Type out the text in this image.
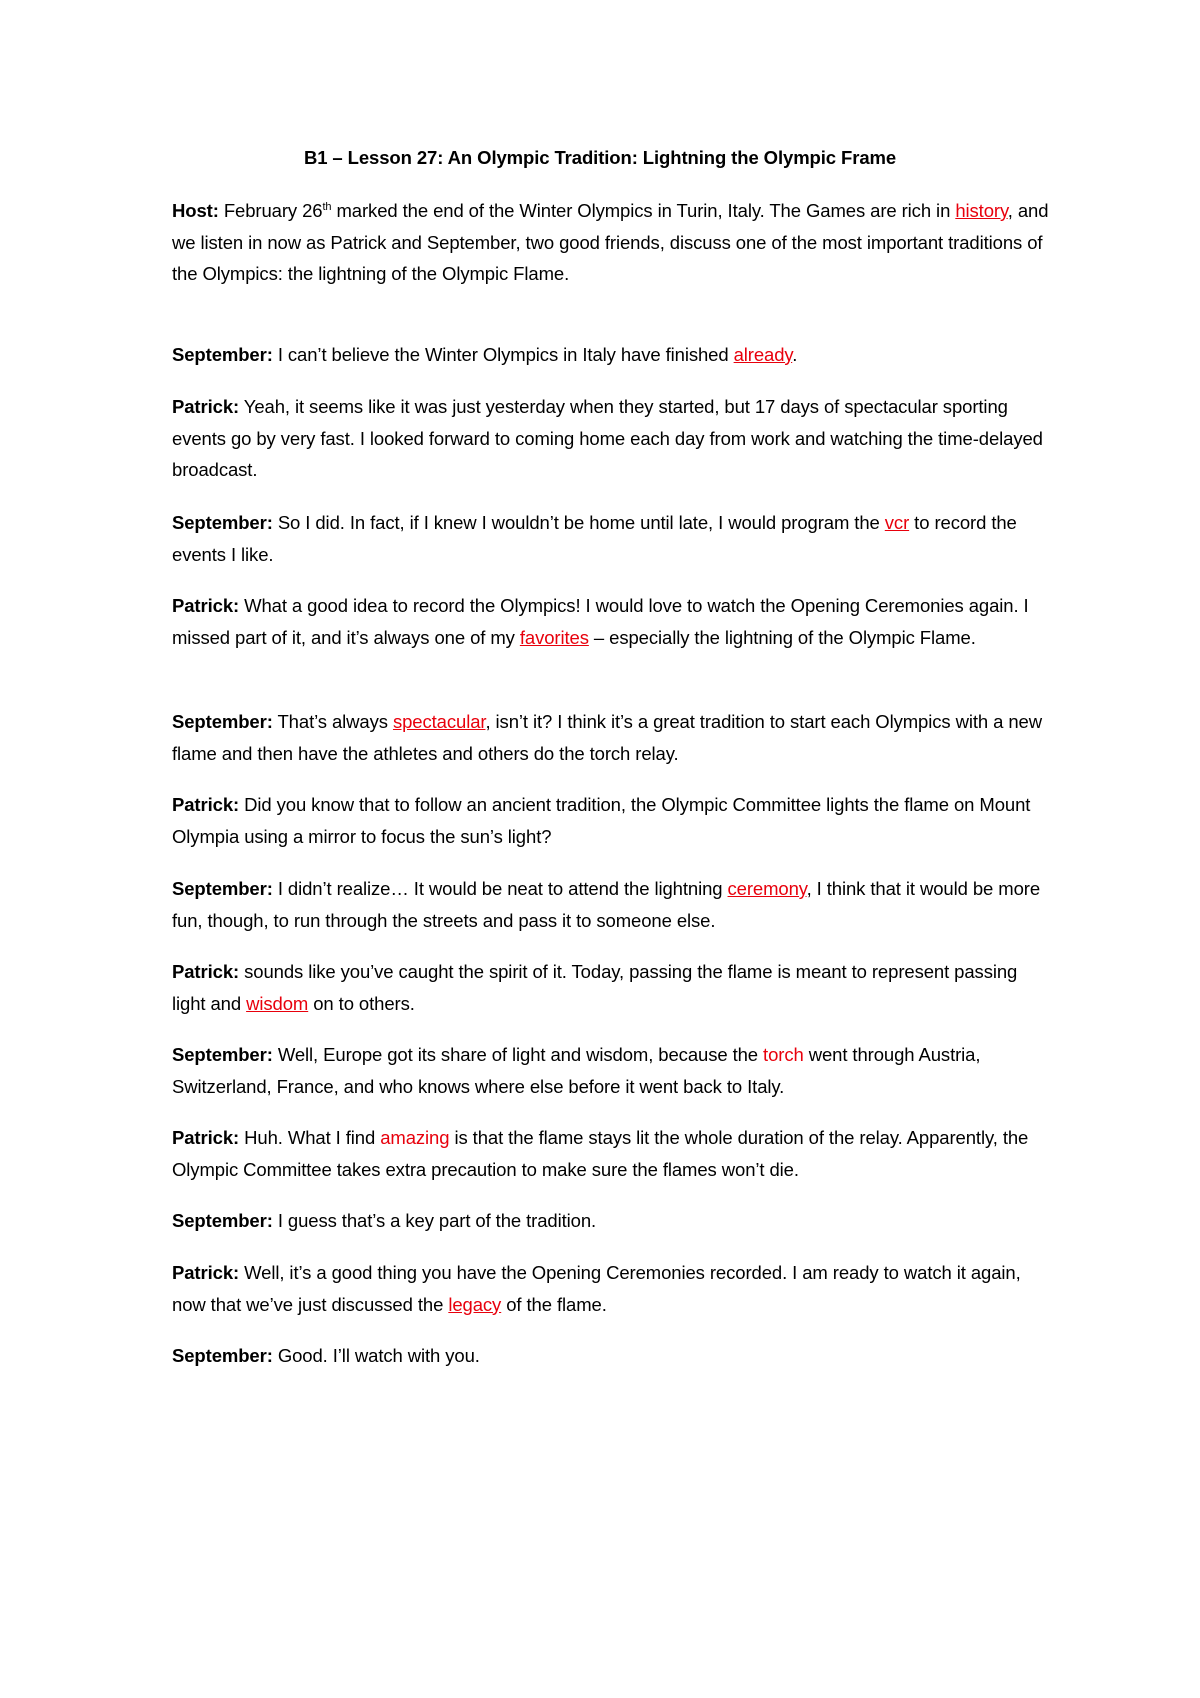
B1 – Lesson 27: An Olympic Tradition: Lightning the Olympic Frame

Host: February 26th marked the end of the Winter Olympics in Turin, Italy. The Games are rich in history, and we listen in now as Patrick and September, two good friends, discuss one of the most important traditions of the Olympics: the lightning of the Olympic Flame.

September: I can’t believe the Winter Olympics in Italy have finished already.

Patrick: Yeah, it seems like it was just yesterday when they started, but 17 days of spectacular sporting events go by very fast. I looked forward to coming home each day from work and watching the time-delayed broadcast.

September: So I did. In fact, if I knew I wouldn’t be home until late, I would program the vcr to record the events I like.

Patrick: What a good idea to record the Olympics! I would love to watch the Opening Ceremonies again. I missed part of it, and it’s always one of my favorites – especially the lightning of the Olympic Flame.

September: That’s always spectacular, isn’t it? I think it’s a great tradition to start each Olympics with a new flame and then have the athletes and others do the torch relay.

Patrick: Did you know that to follow an ancient tradition, the Olympic Committee lights the flame on Mount Olympia using a mirror to focus the sun’s light?

September: I didn’t realize… It would be neat to attend the lightning ceremony, I think that it would be more fun, though, to run through the streets and pass it to someone else.

Patrick: sounds like you’ve caught the spirit of it. Today, passing the flame is meant to represent passing light and wisdom on to others.

September: Well, Europe got its share of light and wisdom, because the torch went through Austria, Switzerland, France, and who knows where else before it went back to Italy.

Patrick: Huh. What I find amazing is that the flame stays lit the whole duration of the relay. Apparently, the Olympic Committee takes extra precaution to make sure the flames won’t die.

September: I guess that’s a key part of the tradition.

Patrick: Well, it’s a good thing you have the Opening Ceremonies recorded. I am ready to watch it again, now that we’ve just discussed the legacy of the flame.

September: Good. I’ll watch with you.
